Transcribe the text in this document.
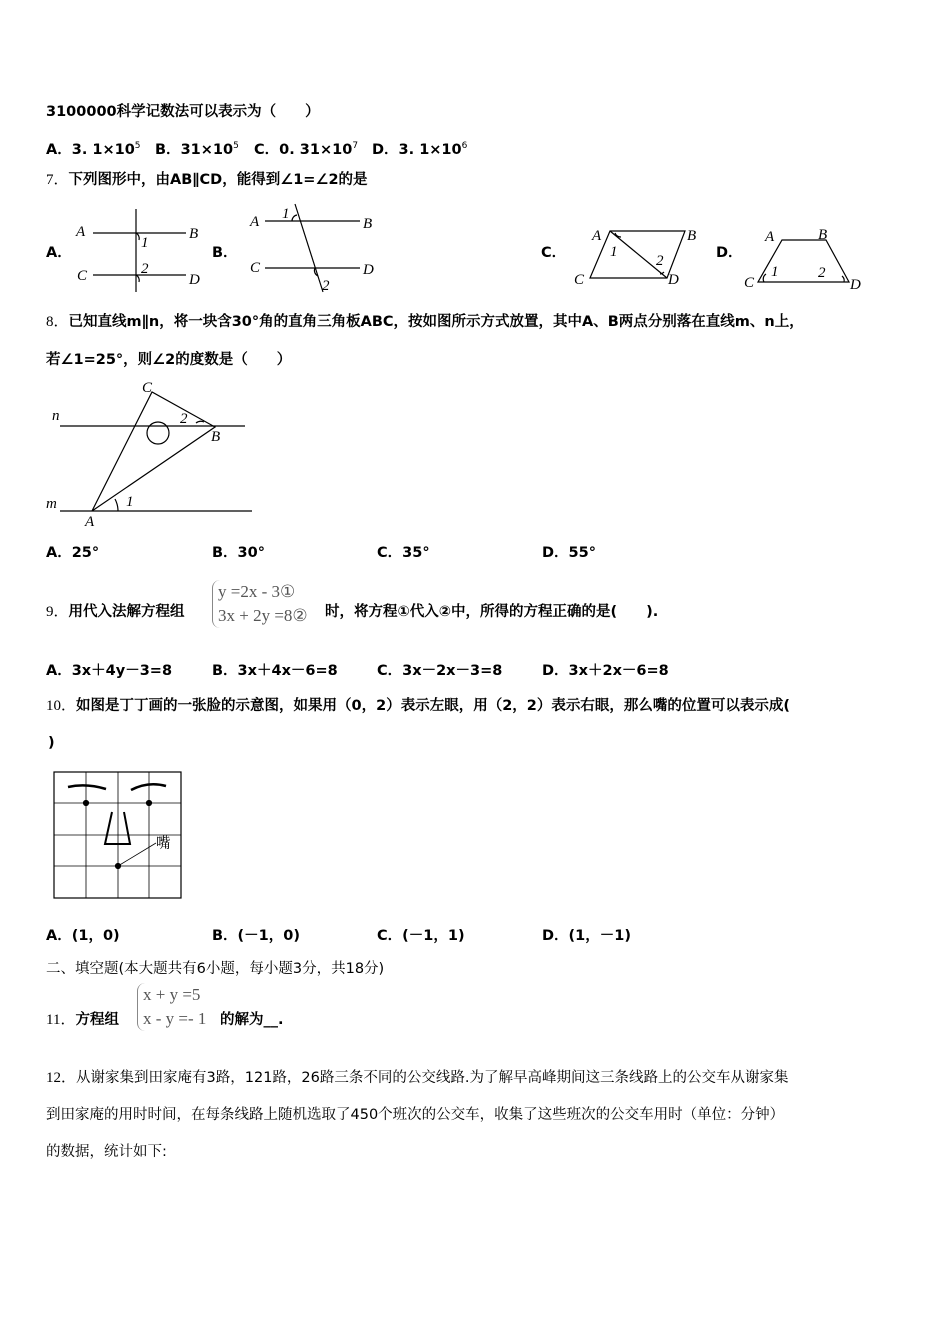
3100000科学记数法可以表示为（　　）
A．3. $1\times 10^5$ B．$31\times 10^5$ C．0. $31\times 10^7$ D．3. $1\times 10^6$
7．下列图形中，由AB∥CD，能得到∠1=∠2的是
A．	B．	C．	D．
A	B
C	D
1
2
A	B
C	D
1
2
A	B
C	D
1
2
A	B
C	D
1	2
n
m
A
B
C
1
2
嘴
8．已知直线m∥n，将一块含30°角的直角三角板ABC，按如图所示方式放置，其中A、B两点分别落在直线m、n上，
若∠1=25°，则∠2的度数是（　　）
A．25°	B．30°	C．35°	D．55°
9．用代入法解方程组
y =2x - 3①
3x + 2y =8② 时，将方程①代入②中，所得的方程正确的是(　　).
A．3x＋4y－3=8	B．3x＋4x－6=8	C．3x－2x－3=8	D．3x＋2x－6=8
10．如图是丁丁画的一张脸的示意图，如果用（0，2）表示左眼，用（2，2）表示右眼，那么嘴的位置可以表示成(
)
A．(1，0)	B．(－1，0)	C．(－1，1)	D．(1，－1)
二、填空题(本大题共有6小题，每小题3分，共18分)
11．方程组
x + y =5
x - y =- 1 的解为__.
12．从谢家集到田家庵有3路，121路，26路三条不同的公交线路.为了解早高峰期间这三条线路上的公交车从谢家集
到田家庵的用时时间，在每条线路上随机选取了450个班次的公交车，收集了这些班次的公交车用时（单位：分钟）
的数据，统计如下:
